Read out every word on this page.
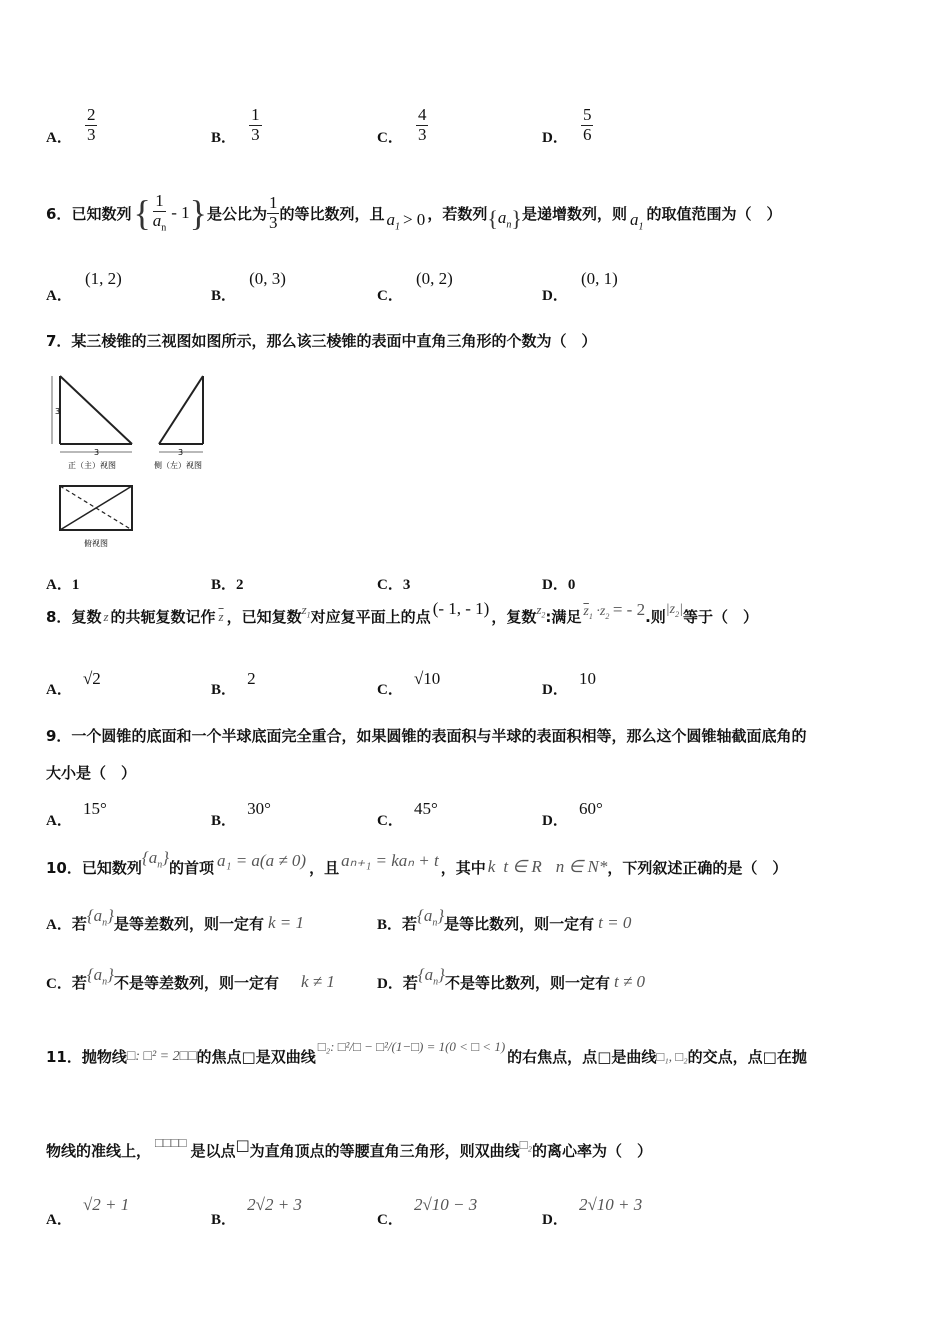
A． $\frac{2}{3}$	B． $\frac{1}{3}$	C． $\frac{4}{3}$	D． $\frac{5}{6}$
6． 已知数列 { $\frac{1}{a_n} - 1$ } 是公比为 $\frac{1}{3}$ 的等比数列，且 $a_1 > 0$ ，若数列 { $a_n$ } 是递增数列，则 $a_1$
的取值范围为（　）
A． (1, 2)
B． (0, 3)
C． (0, 2)
D． (0, 1)
7．某三棱锥的三视图如图所示，那么该三棱锥的表面中直角三角形的个数为（　）
3
3
正（主）视图
3
侧（左）视图
俯视图
A．1	B．2	C．3	D．0
8． 复数 z 的共轭复数记作 $\overline{z}$ ，已知复数 $z_1$ 对应复平面上的点 (- 1, - 1) ，复数 $z_2$ :满足 $\overline{z}_1 \cdot z_2$ = - 2 .则 $|z_2|$ 等于（　）
A． √2
B． 2
C． √10
D． 10
9．一个圆锥的底面和一个半球底面完全重合，如果圆锥的表面积与半球的表面积相等，那么这个圆锥轴截面底角的
大小是（　）
A． 15°
B． 30°
C． 45°
D． 60°
10． 已知数列
$\{a_n\}$
的首项 a₁ = a(a ≠ 0) ，且 aₙ₊₁ = kaₙ + t ，其中 k t ∈ R n ∈ N* ，下列叙述正确的是（　）
A． 若 $\{a_n\}$ 是等差数列，则一定有 k = 1	B． 若 $\{a_n\}$ 是等比数列，则一定有 t = 0
C． 若 $\{a_n\}$ 不是等差数列，则一定有 k ≠ 1	D． 若 $\{a_n\}$ 不是等比数列，则一定有 t ≠ 0
11． 抛物线 □: □² = 2□□ 的焦点 □ 是双曲线
□₂: □²/□ − □²/(1−□) = 1(0 < □ < 1)
的右焦点，点 □ 是曲线 □₁, □₂ 的交点，点 □ 在抛
物线的准线上， □□□□ 是以点 □ 为直角顶点的等腰直角三角形，则双曲线 □₂ 的离心率为（　）
A． √2 + 1
B． 2√2 + 3
C． 2√10 − 3
D． 2√10 + 3
